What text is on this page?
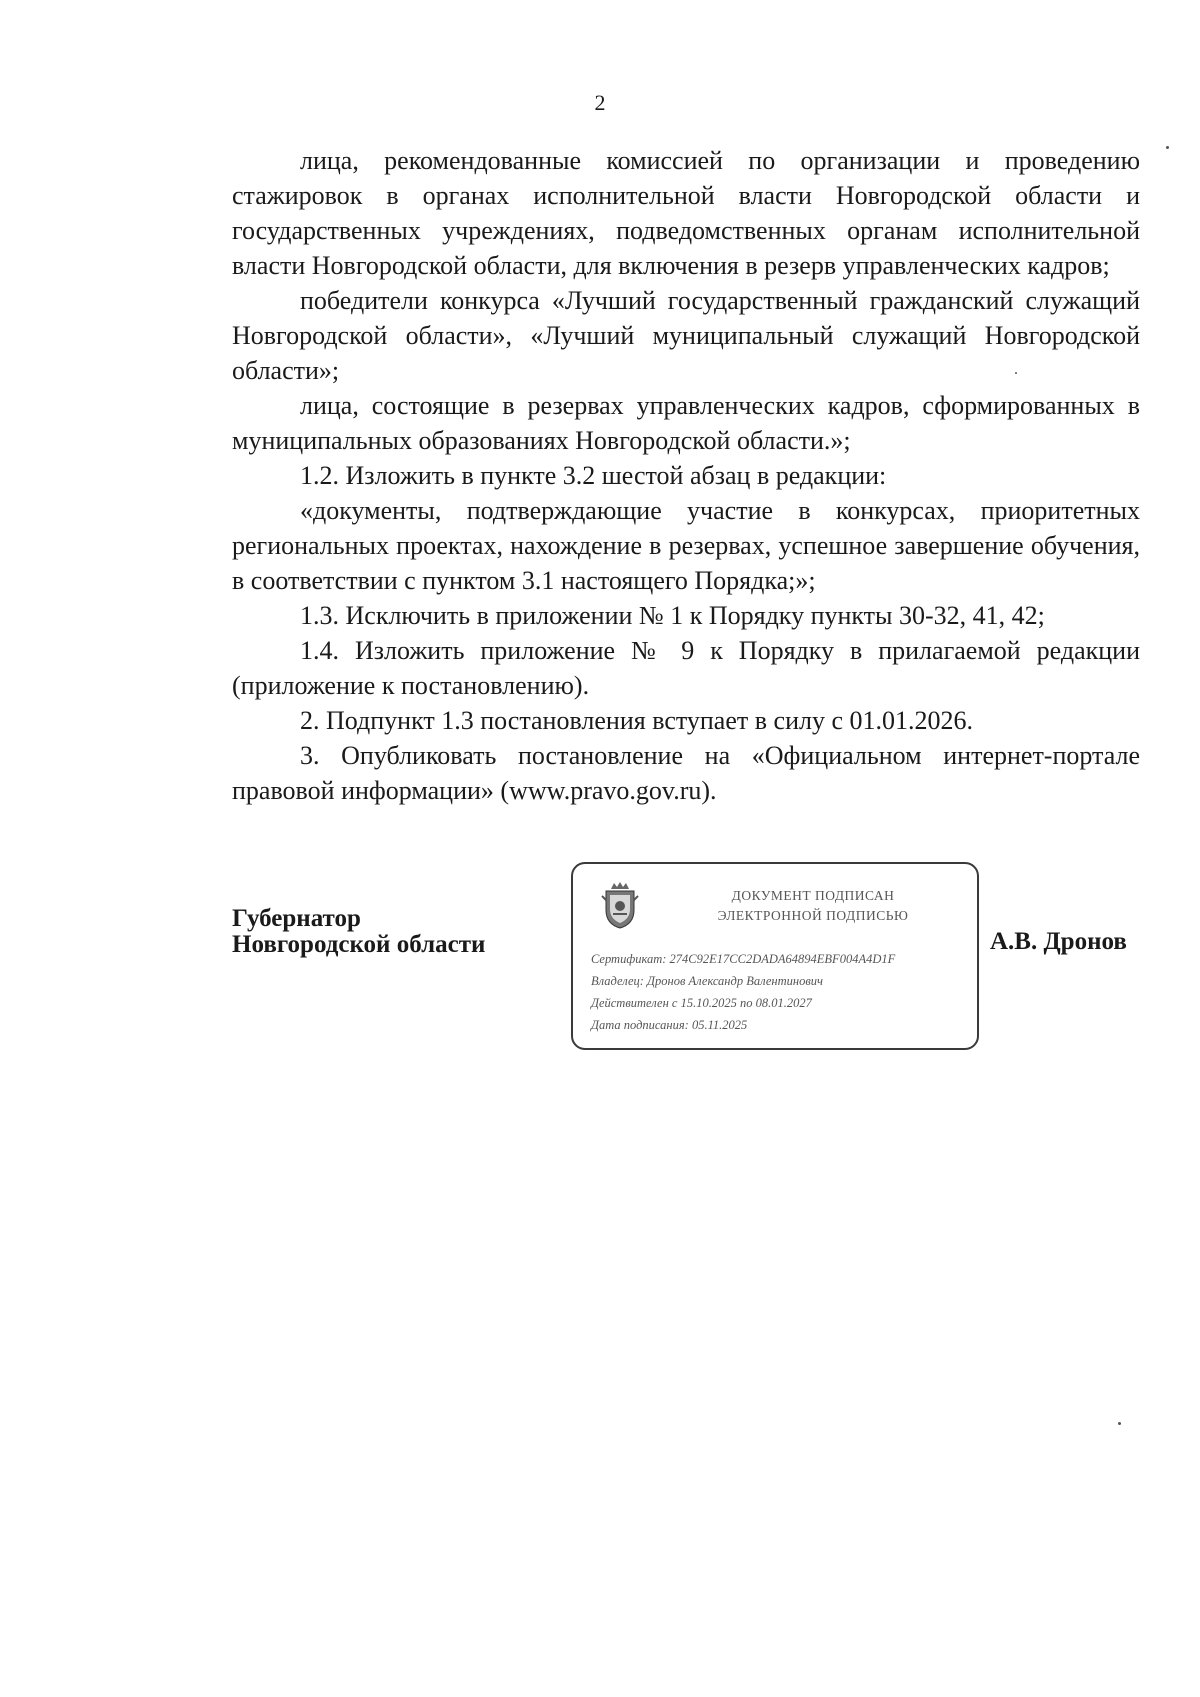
2

лица, рекомендованные комиссией по организации и проведению стажировок в органах исполнительной власти Новгородской области и государственных учреждениях, подведомственных органам исполнительной власти Новгородской области, для включения в резерв управленческих кадров;

победители конкурса «Лучший государственный гражданский служащий Новгородской области», «Лучший муниципальный служащий Новгородской области»;

лица, состоящие в резервах управленческих кадров, сформированных в муниципальных образованиях Новгородской области.»;

1.2. Изложить в пункте 3.2 шестой абзац в редакции:

«документы, подтверждающие участие в конкурсах, приоритетных региональных проектах, нахождение в резервах, успешное завершение обучения, в соответствии с пунктом 3.1 настоящего Порядка;»;

1.3. Исключить в приложении № 1 к Порядку пункты 30-32, 41, 42;

1.4. Изложить приложение № 9 к Порядку в прилагаемой редакции (приложение к постановлению).

2. Подпункт 1.3 постановления вступает в силу с 01.01.2026.

3. Опубликовать постановление на «Официальном интернет-портале правовой информации» (www.pravo.gov.ru).

Губернатор
Новгородской области
ДОКУМЕНТ ПОДПИСАН
ЭЛЕКТРОННОЙ ПОДПИСЬЮ
Сертификат: 274C92E17CC2DADA64894EBF004A4D1F
Владелец: Дронов Александр Валентинович
Действителен с 15.10.2025 по 08.01.2027
Дата подписания: 05.11.2025
А.В. Дронов
